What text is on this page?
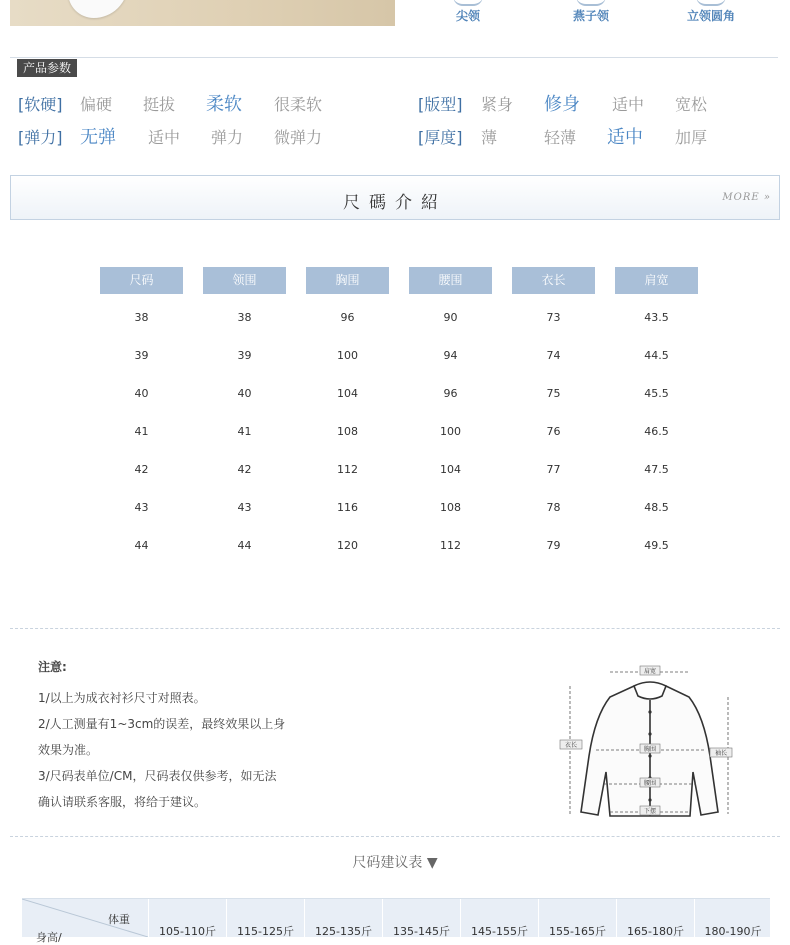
尖领	燕子领	立领圆角
产品参数
[软硬] 偏硬 挺拔 柔软 很柔软	[版型] 紧身 修身 适中 宽松
[弹力] 无弹 适中 弹力 微弹力	[厚度] 薄	轻薄 适中 加厚
尺碼介紹	MORE »
尺码	领围	胸围	腰围	衣长	肩宽
38	38	96	90	73	43.5
39	39	100	94	74	44.5
40	40	104	96	75	45.5
41	41	108	100	76	46.5
42	42	112	104	77	47.5
43	43	116	108	78	48.5
44	44	120	112	79	49.5
注意:
1/以上为成衣衬衫尺寸对照表。
2/人工测量有1~3cm的误差，最终效果以上身
效果为准。
3/尺码表单位/CM，尺码表仅供参考，如无法
确认请联系客服，将给于建议。
肩宽
衣长
胸围
腰围
下摆
袖长
尺码建议表 ▼
体重
身高/	105-110斤	115-125斤	125-135斤	135-145斤	145-155斤	155-165斤	165-180斤	180-190斤
